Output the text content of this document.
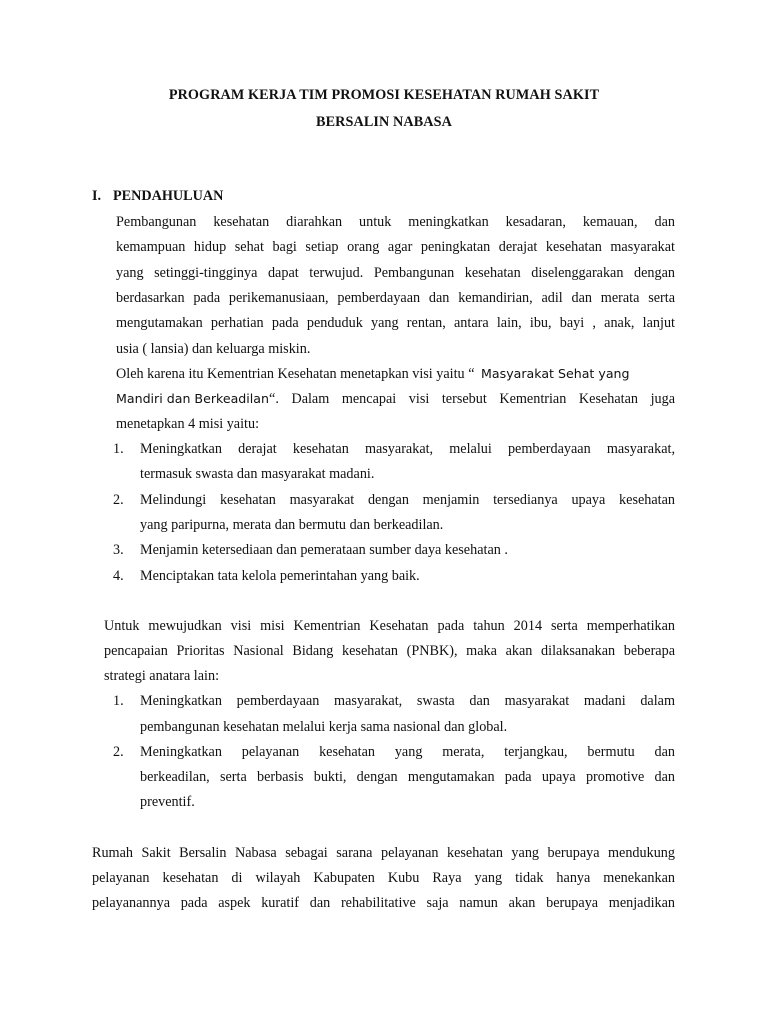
PROGRAM KERJA TIM PROMOSI KESEHATAN RUMAH SAKIT
BERSALIN NABASA
I. PENDAHULUAN
Pembangunan kesehatan diarahkan untuk meningkatkan kesadaran, kemauan, dan
kemampuan hidup sehat bagi setiap orang agar peningkatan derajat kesehatan masyarakat
yang setinggi-tingginya dapat terwujud. Pembangunan kesehatan diselenggarakan dengan
berdasarkan pada perikemanusiaan, pemberdayaan dan kemandirian, adil dan merata serta
mengutamakan perhatian pada penduduk yang rentan, antara lain, ibu, bayi , anak, lanjut
usia ( lansia) dan keluarga miskin.
Oleh karena itu Kementrian Kesehatan menetapkan visi yaitu “ Masyarakat Sehat yang
Mandiri dan Berkeadilan “. Dalam mencapai visi tersebut Kementrian Kesehatan juga
menetapkan 4 misi yaitu:
1. Meningkatkan derajat kesehatan masyarakat, melalui pemberdayaan masyarakat,
termasuk swasta dan masyarakat madani.
2. Melindungi kesehatan masyarakat dengan menjamin tersedianya upaya kesehatan
yang paripurna, merata dan bermutu dan berkeadilan.
3. Menjamin ketersediaan dan pemerataan sumber daya kesehatan .
4. Menciptakan tata kelola pemerintahan yang baik.
Untuk mewujudkan visi misi Kementrian Kesehatan pada tahun 2014 serta memperhatikan
pencapaian Prioritas Nasional Bidang kesehatan (PNBK), maka akan dilaksanakan beberapa
strategi anatara lain:
1. Meningkatkan pemberdayaan masyarakat, swasta dan masyarakat madani dalam
pembangunan kesehatan melalui kerja sama nasional dan global.
2. Meningkatkan pelayanan kesehatan yang merata, terjangkau, bermutu dan
berkeadilan, serta berbasis bukti, dengan mengutamakan pada upaya promotive dan
preventif.
Rumah Sakit Bersalin Nabasa sebagai sarana pelayanan kesehatan yang berupaya mendukung
pelayanan kesehatan di wilayah Kabupaten Kubu Raya yang tidak hanya menekankan
pelayanannya pada aspek kuratif dan rehabilitative saja namun akan berupaya menjadikan
